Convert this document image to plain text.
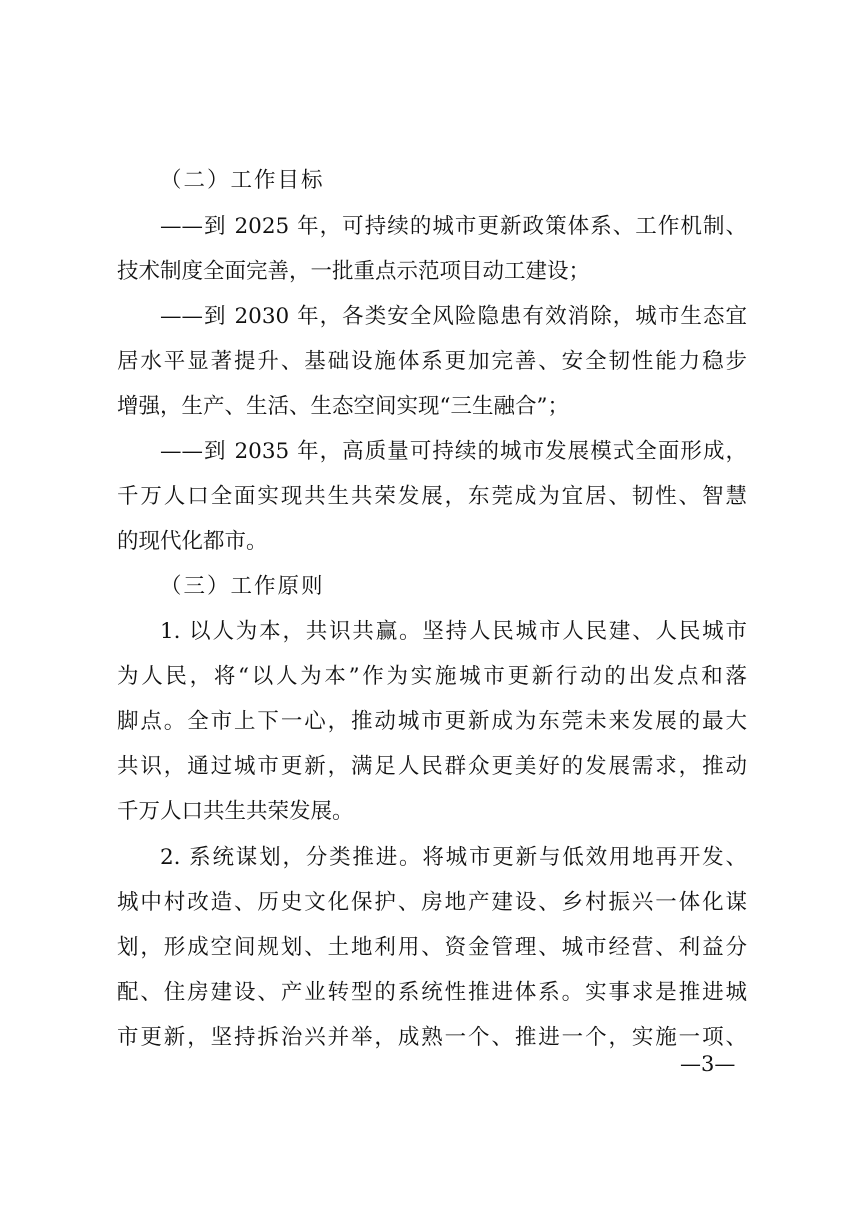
（二）工作目标
——到 2025 年，可持续的城市更新政策体系、工作机制、
技术制度全面完善，一批重点示范项目动工建设；
——到 2030 年，各类安全风险隐患有效消除，城市生态宜
居水平显著提升、基础设施体系更加完善、安全韧性能力稳步
增强，生产、生活、生态空间实现“三生融合”；
——到 2035 年，高质量可持续的城市发展模式全面形成，
千万人口全面实现共生共荣发展，东莞成为宜居、韧性、智慧
的现代化都市。
（三）工作原则
1. 以人为本，共识共赢。坚持人民城市人民建、人民城市
为人民，将“以人为本”作为实施城市更新行动的出发点和落
脚点。全市上下一心，推动城市更新成为东莞未来发展的最大
共识，通过城市更新，满足人民群众更美好的发展需求，推动
千万人口共生共荣发展。
2. 系统谋划，分类推进。将城市更新与低效用地再开发、
城中村改造、历史文化保护、房地产建设、乡村振兴一体化谋
划，形成空间规划、土地利用、资金管理、城市经营、利益分
配、住房建设、产业转型的系统性推进体系。实事求是推进城
市更新，坚持拆治兴并举，成熟一个、推进一个，实施一项、
—3—
